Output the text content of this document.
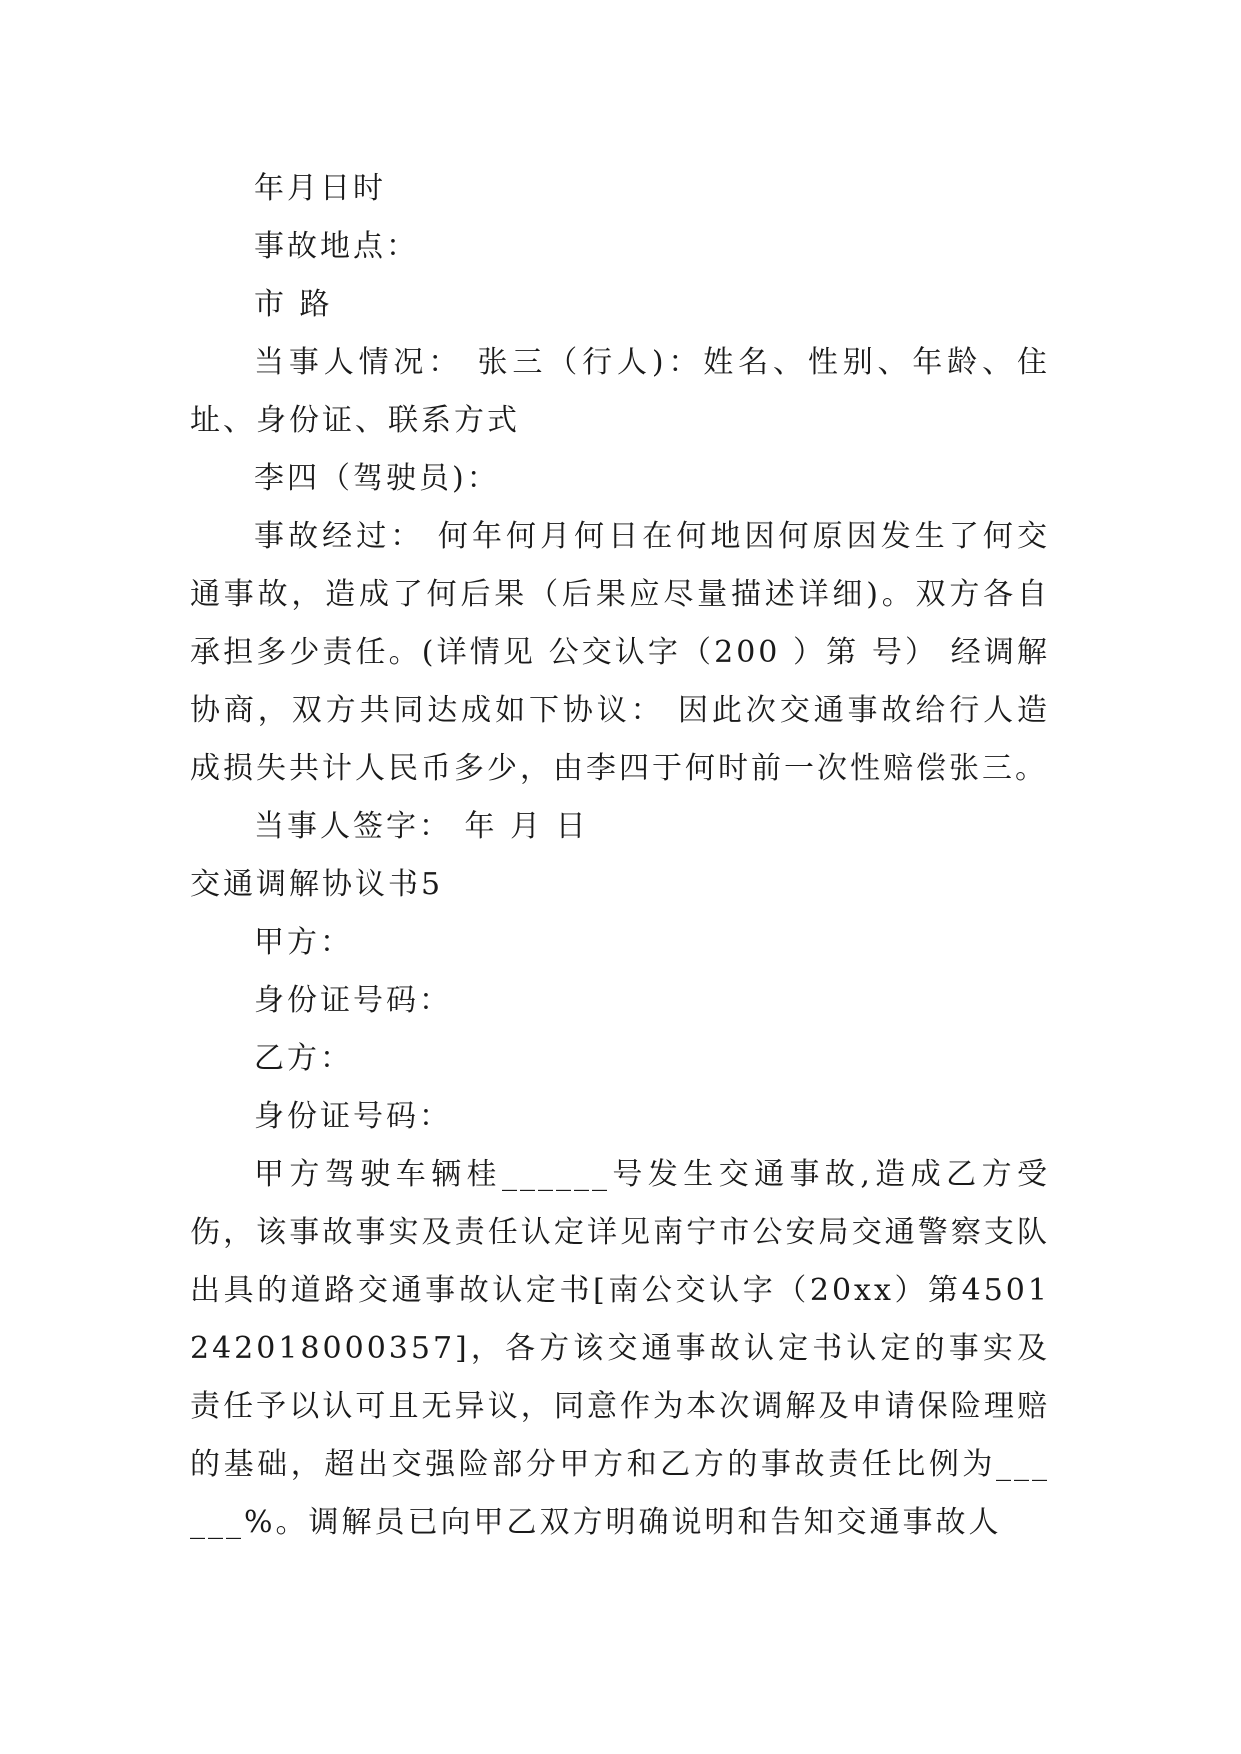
年月日时

事故地点：

市 路

当事人情况： 张三（行人)：姓名、性别、年龄、住址、身份证、联系方式

李四（驾驶员)：

事故经过： 何年何月何日在何地因何原因发生了何交通事故，造成了何后果（后果应尽量描述详细)。双方各自承担多少责任。(详情见 公交认字（200 ）第 号） 经调解协商，双方共同达成如下协议： 因此次交通事故给行人造成损失共计人民币多少，由李四于何时前一次性赔偿张三。

当事人签字： 年 月 日

交通调解协议书5

甲方：

身份证号码：

乙方：

身份证号码：

甲方驾驶车辆桂______号发生交通事故,造成乙方受伤，该事故事实及责任认定详见南宁市公安局交通警察支队出具的道路交通事故认定书[南公交认字（20xx）第4501242018000357]，各方该交通事故认定书认定的事实及责任予以认可且无异议，同意作为本次调解及申请保险理赔的基础，超出交强险部分甲方和乙方的事故责任比例为______%。调解员已向甲乙双方明确说明和告知交通事故人
